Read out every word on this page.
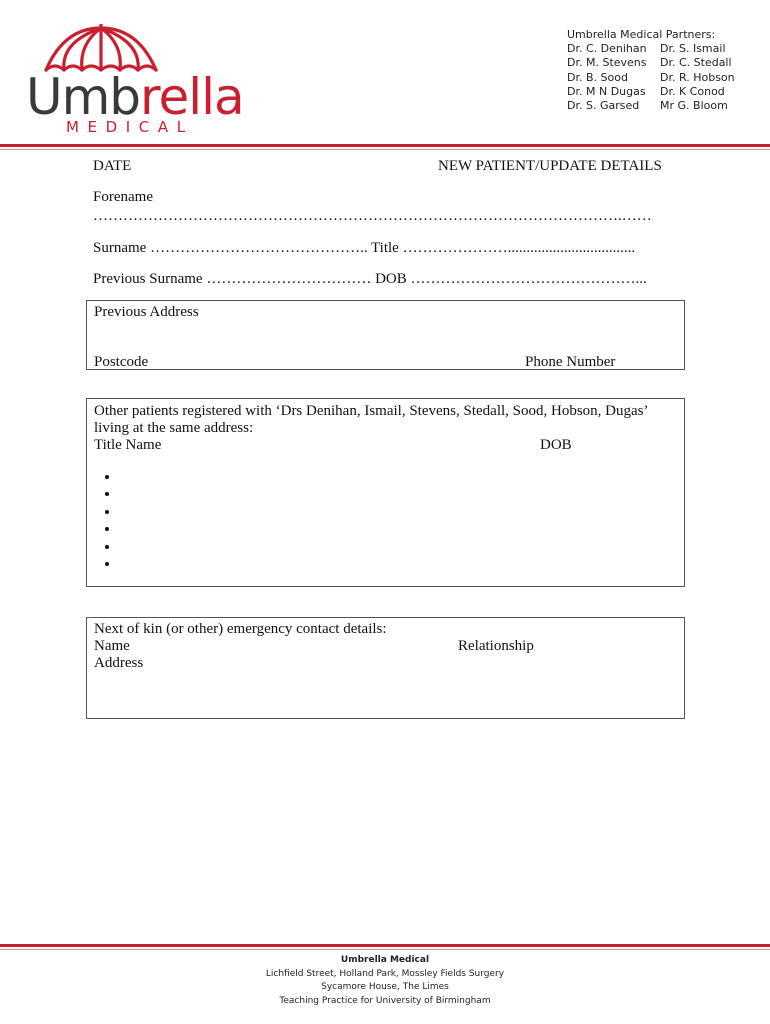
Umbrella
MEDICAL
Umbrella Medical Partners:
Dr. C. Denihan	Dr. S. Ismail
Dr. M. Stevens	Dr. C. Stedall
Dr. B. Sood	Dr. R. Hobson
Dr. M N Dugas	Dr. K Conod
Dr. S. Garsed	Mr G. Bloom
DATE	NEW PATIENT/UPDATE DETAILS
Forename
…………………………………………………………………………………………….……
Surname …………………………………….. Title …………………..................................
Previous Surname …………………………… DOB ………………………………………...
Previous Address
Postcode	Phone Number
Other patients registered with ‘Drs Denihan, Ismail, Stevens, Stedall, Sood, Hobson, Dugas’
living at the same address:
Title Name	DOB
•
•
•
•
•
•
Next of kin (or other) emergency contact details:
Name	Relationship
Address
Umbrella Medical
Lichfield Street, Holland Park, Mossley Fields Surgery
Sycamore House, The Limes
Teaching Practice for University of Birmingham
